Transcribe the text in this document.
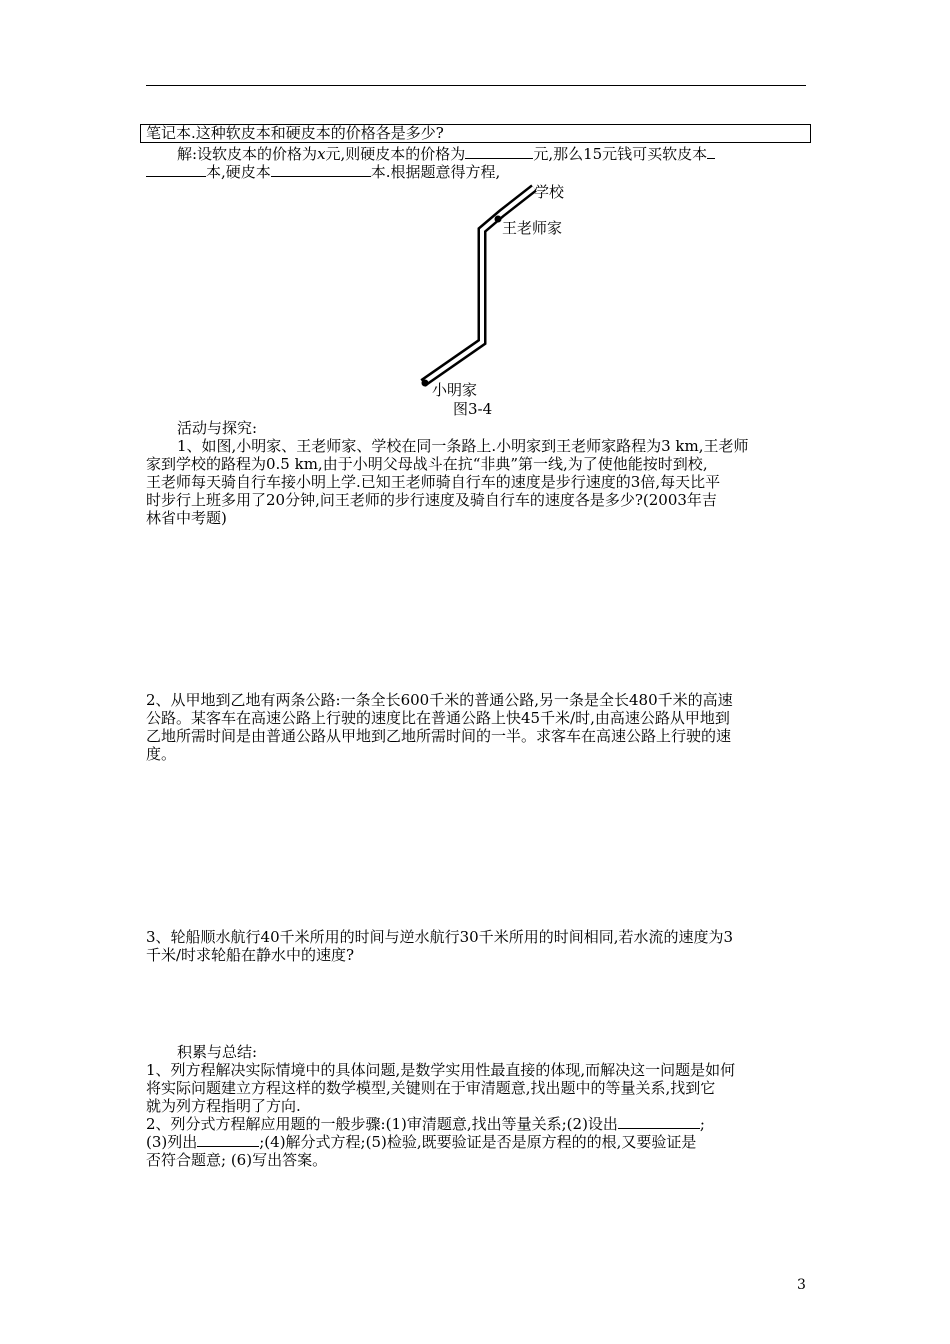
笔记本.这种软皮本和硬皮本的价格各是多少?
解:设软皮本的价格为x元,则硬皮本的价格为	元,那么15元钱可买软皮本
本,硬皮本	本.根据题意得方程,
学校
王老师家
小明家
图3-4
活动与探究:
1、如图,小明家、王老师家、学校在同一条路上.小明家到王老师家路程为3 km,王老师
家到学校的路程为0.5 km,由于小明父母战斗在抗“非典”第一线,为了使他能按时到校,
王老师每天骑自行车接小明上学.已知王老师骑自行车的速度是步行速度的3倍,每天比平
时步行上班多用了20分钟,问王老师的步行速度及骑自行车的速度各是多少?(2003年吉
林省中考题)
2、从甲地到乙地有两条公路:一条全长600千米的普通公路,另一条是全长480千米的高速
公路。某客车在高速公路上行驶的速度比在普通公路上快45千米/时,由高速公路从甲地到
乙地所需时间是由普通公路从甲地到乙地所需时间的一半。求客车在高速公路上行驶的速
度。
3、轮船顺水航行40千米所用的时间与逆水航行30千米所用的时间相同,若水流的速度为3
千米/时求轮船在静水中的速度?
积累与总结:
1、列方程解决实际情境中的具体问题,是数学实用性最直接的体现,而解决这一问题是如何
将实际问题建立方程这样的数学模型,关键则在于审清题意,找出题中的等量关系,找到它
就为列方程指明了方向.
2、列分式方程解应用题的一般步骤:(1)审清题意,找出等量关系;(2)设出	;
(3)列出	;(4)解分式方程;(5)检验,既要验证是否是原方程的的根,又要验证是
否符合题意; (6)写出答案。
3
